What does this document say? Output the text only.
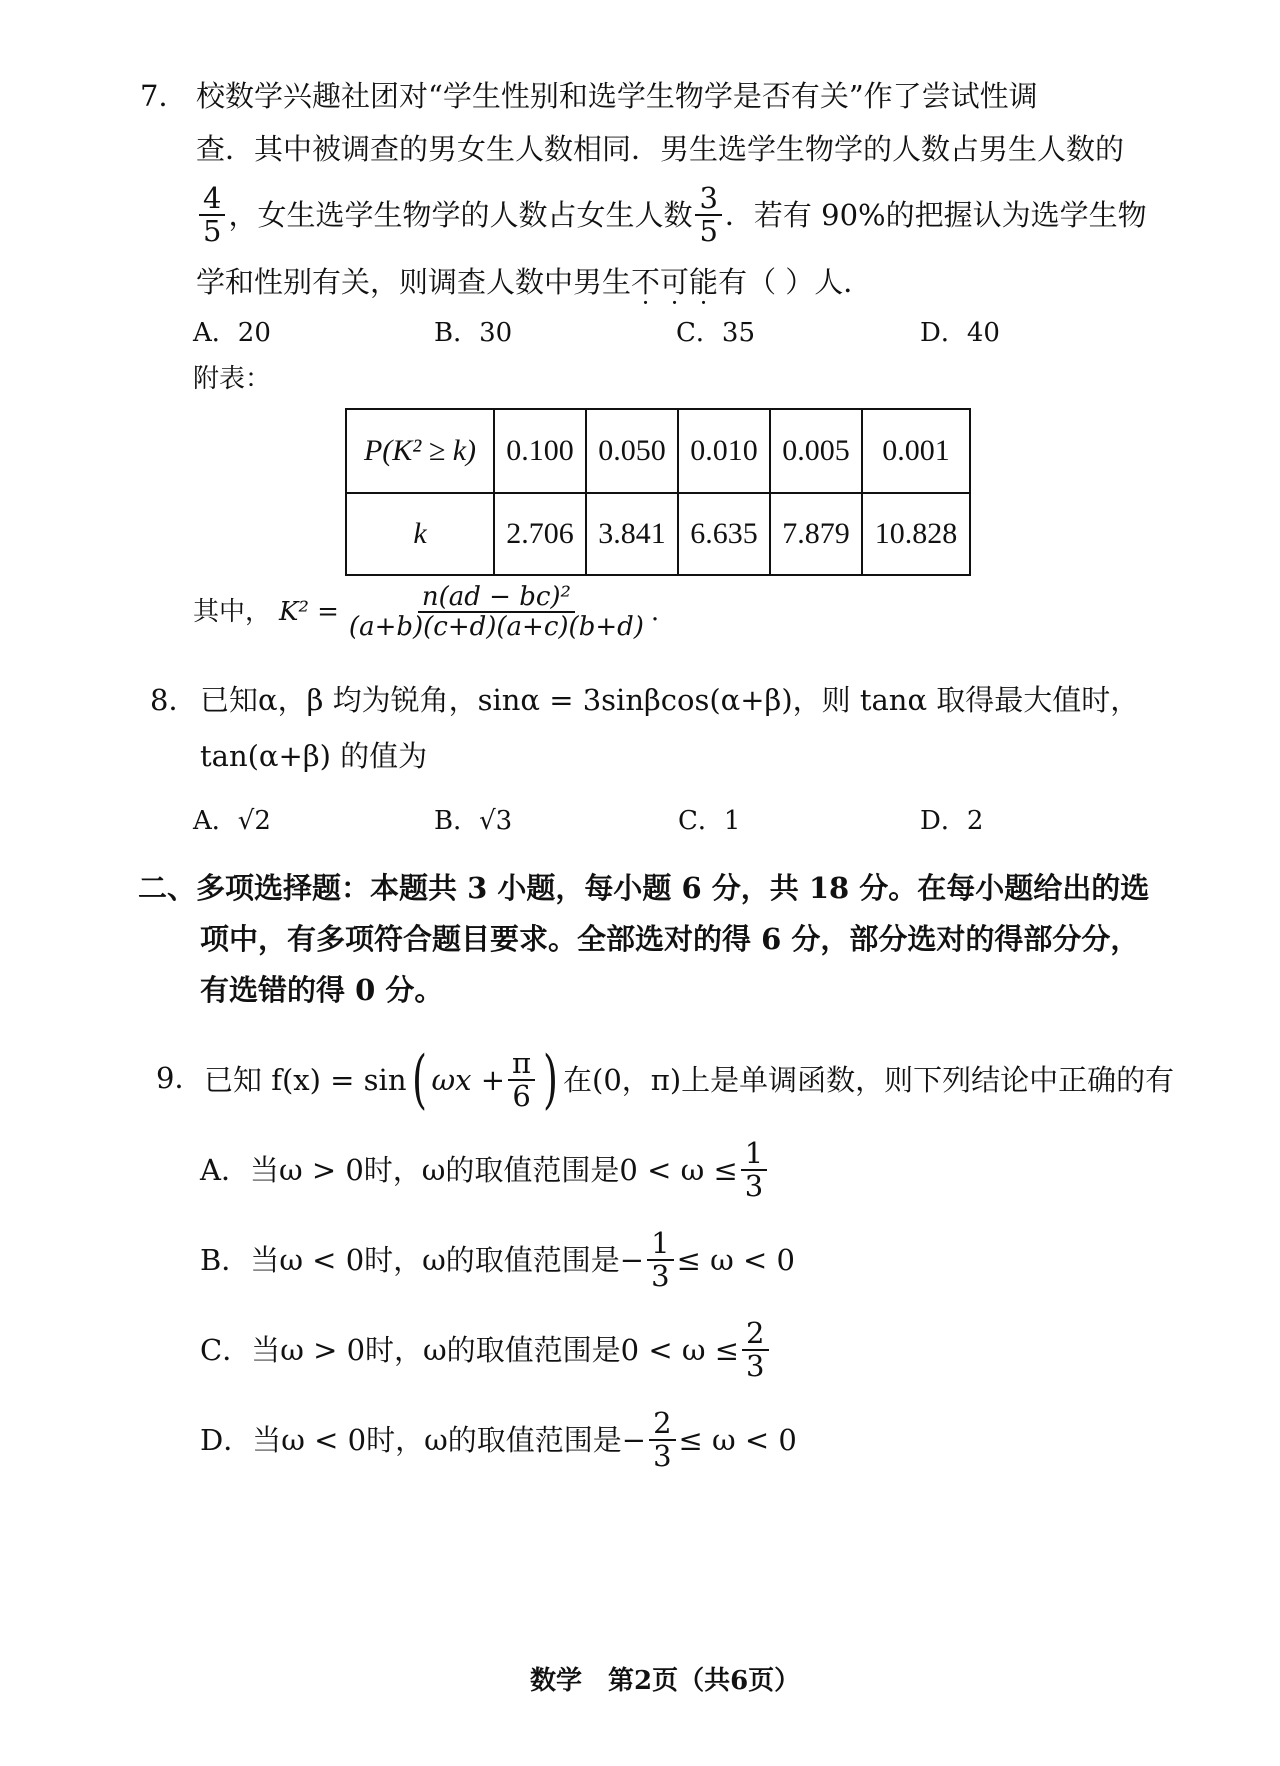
7． 校数学兴趣社团对“学生性别和选学生物学是否有关”作了尝试性调
查．其中被调查的男女生人数相同．男生选学生物学的人数占男生人数的
$\frac{4}{5}$ ，女生选学生物学的人数占女生人数 $\frac{3}{5}$ ．若有 90%的把握认为选学生物
学和性别有关，则调查人数中男生不可能有（ ）人．
A．20	B．30	C．35	D．40
附表：
P(K² ≥ k)	0.100	0.050	0.010	0.005	0.001
k	2.706	3.841	6.635	7.879	10.828
其中， $K^2 = \frac{\text{n(ad − bc)²}}{(a+b)(c+d)(a+c)(b+d)}$ .
8． 已知α，β 均为锐角，sinα = 3sinβcos(α+β)，则 tanα 取得最大值时，
tan(α+β) 的值为
A．√2	B．√3	C．1	D．2
二、多项选择题：本题共 3 小题，每小题 6 分，共 18 分。在每小题给出的选
项中，有多项符合题目要求。全部选对的得 6 分，部分选对的得部分分，
有选错的得 0 分。
9． 已知 f(x) = sin ( $\omega x + \frac{\pi}{6}$ ) 在(0，π)上是单调函数，则下列结论中正确的有
A． 当ω > 0时，ω的取值范围是$0 < \omega \le \frac{1}{3}$
B． 当ω < 0时，ω的取值范围是 − $\frac{1}{3} \le \omega < 0$
C． 当ω > 0时，ω的取值范围是$0 < \omega \le \frac{2}{3}$
D． 当ω < 0时，ω的取值范围是 − $\frac{2}{3} \le \omega < 0$
数学　第2页（共6页）
